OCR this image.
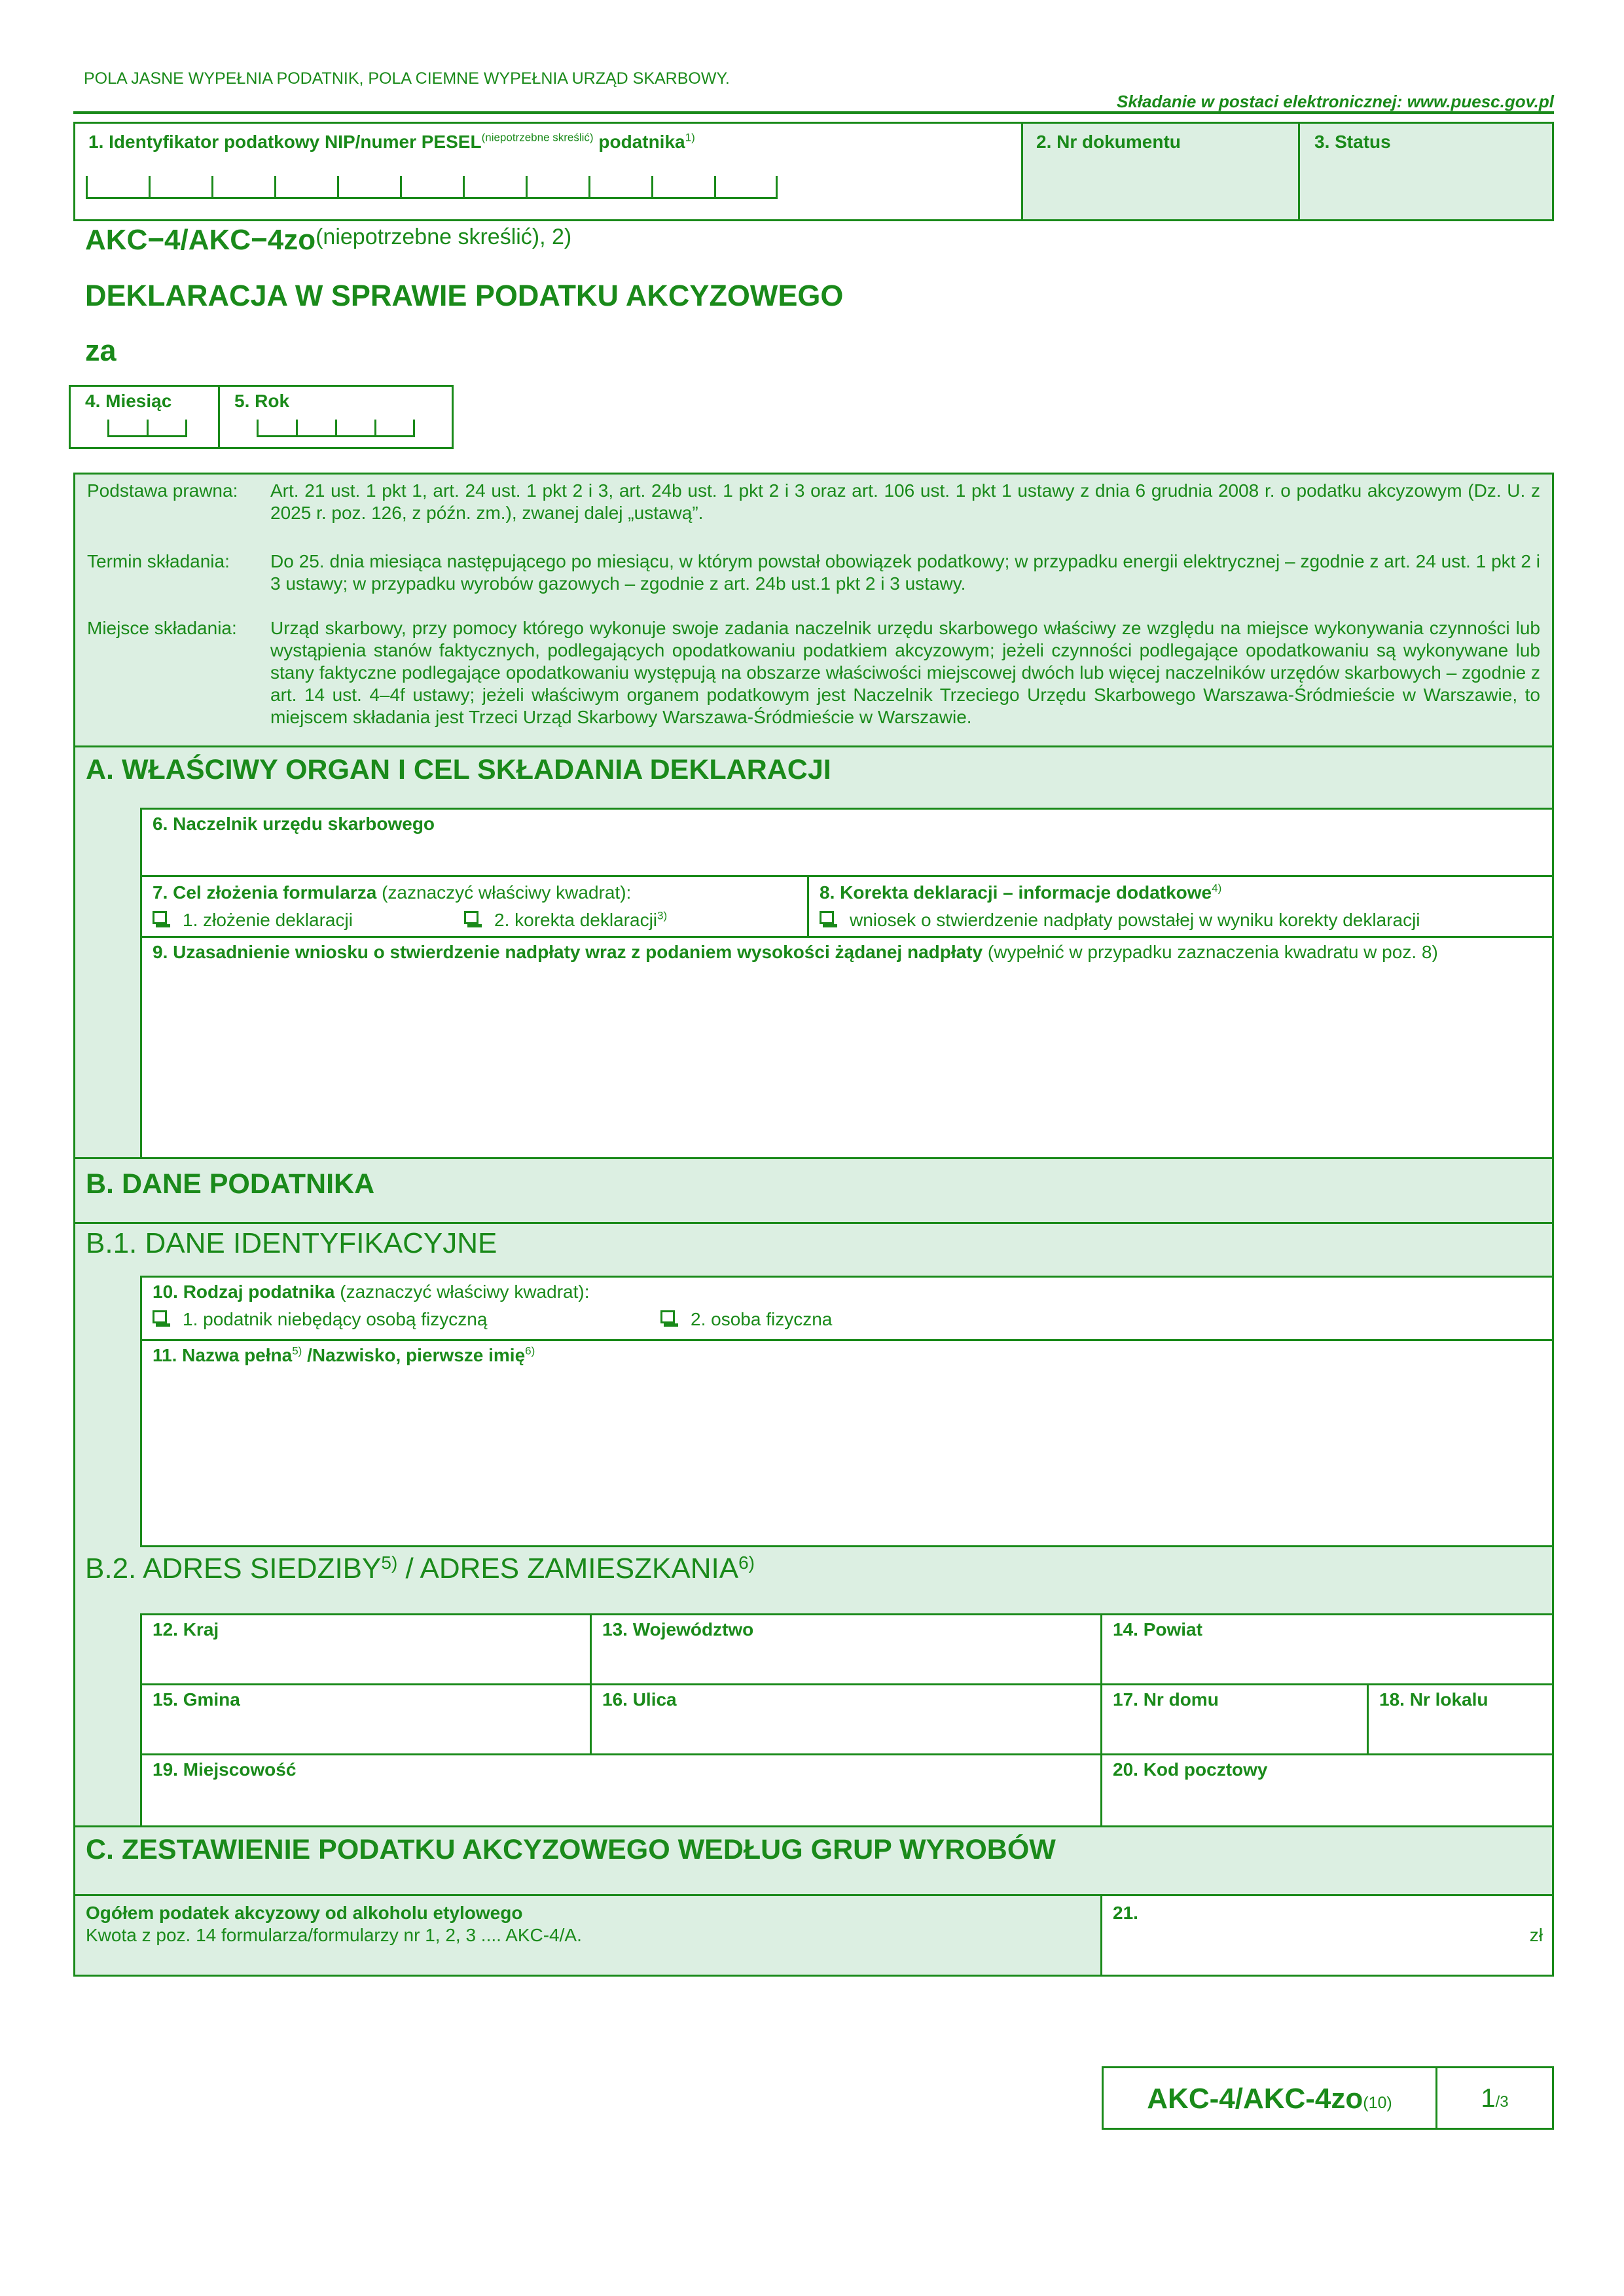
POLA JASNE WYPEŁNIA PODATNIK, POLA CIEMNE WYPEŁNIA URZĄD SKARBOWY.
Składanie w postaci elektronicznej: www.puesc.gov.pl
1. Identyfikator podatkowy NIP/numer $PESEL^{(niepotrzebne skreślić)}$ podatnika$^{1)}$	2. Nr dokumentu	3. Status
AKC−4/AKC−4zo(niepotrzebne skreślić), 2)
DEKLARACJA W SPRAWIE PODATKU AKCYZOWEGO
za
4. Miesiąc	5. Rok
Podstawa prawna: Art. 21 ust. 1 pkt 1, art. 24 ust. 1 pkt 2 i 3, art. 24b ust. 1 pkt 2 i 3 oraz art. 106 ust. 1 pkt 1 ustawy z dnia 6 grudnia 2008 r. o podatku akcyzowym (Dz. U. z 2025 r. poz. 126, z późn. zm.), zwanej dalej „ustawą”.
Termin składania: Do 25. dnia miesiąca następującego po miesiącu, w którym powstał obowiązek podatkowy; w przypadku energii elektrycznej – zgodnie z art. 24 ust. 1 pkt 2 i 3 ustawy; w przypadku wyrobów gazowych – zgodnie z art. 24b ust.1 pkt 2 i 3 ustawy.
Miejsce składania: Urząd skarbowy, przy pomocy którego wykonuje swoje zadania naczelnik urzędu skarbowego właściwy ze względu na miejsce wykonywania czynności lub wystąpienia stanów faktycznych, podlegających opodatkowaniu podatkiem akcyzowym; jeżeli czynności podlegające opodatkowaniu są wykonywane lub stany faktyczne podlegające opodatkowaniu występują na obszarze właściwości miejscowej dwóch lub więcej naczelników urzędów skarbowych – zgodnie z art. 14 ust. 4–4f ustawy; jeżeli właściwym organem podatkowym jest Naczelnik Trzeciego Urzędu Skarbowego Warszawa-Śródmieście w Warszawie, to miejscem składania jest Trzeci Urząd Skarbowy Warszawa-Śródmieście w Warszawie.
A. WŁAŚCIWY ORGAN I CEL SKŁADANIA DEKLARACJI
6. Naczelnik urzędu skarbowego
7. Cel złożenia formularza (zaznaczyć właściwy kwadrat):
1. złożenie deklaracji	2. korekta deklaracji$^{3)}$
8. Korekta deklaracji – informacje dodatkowe$^{4)}$
wniosek o stwierdzenie nadpłaty powstałej w wyniku korekty deklaracji
9. Uzasadnienie wniosku o stwierdzenie nadpłaty wraz z podaniem wysokości żądanej nadpłaty (wypełnić w przypadku zaznaczenia kwadratu w poz. 8)
B. DANE PODATNIKA
B.1. DANE IDENTYFIKACYJNE
10. Rodzaj podatnika (zaznaczyć właściwy kwadrat):
1. podatnik niebędący osobą fizyczną	2. osoba fizyczna
11. Nazwa pełna$^{5)}$ /Nazwisko, pierwsze imię$^{6)}$
B.2. ADRES SIEDZIBY$^{5)}$ / ADRES ZAMIESZKANIA$^{6)}$
12. Kraj	13. Województwo	14. Powiat
15. Gmina	16. Ulica	17. Nr domu	18. Nr lokalu
19. Miejscowość	20. Kod pocztowy
C. ZESTAWIENIE PODATKU AKCYZOWEGO WEDŁUG GRUP WYROBÓW
Ogółem podatek akcyzowy od alkoholu etylowego
Kwota z poz. 14 formularza/formularzy nr 1, 2, 3 .... AKC-4/A.
21.
zł
AKC-4/AKC-4zo(10)	1/3
